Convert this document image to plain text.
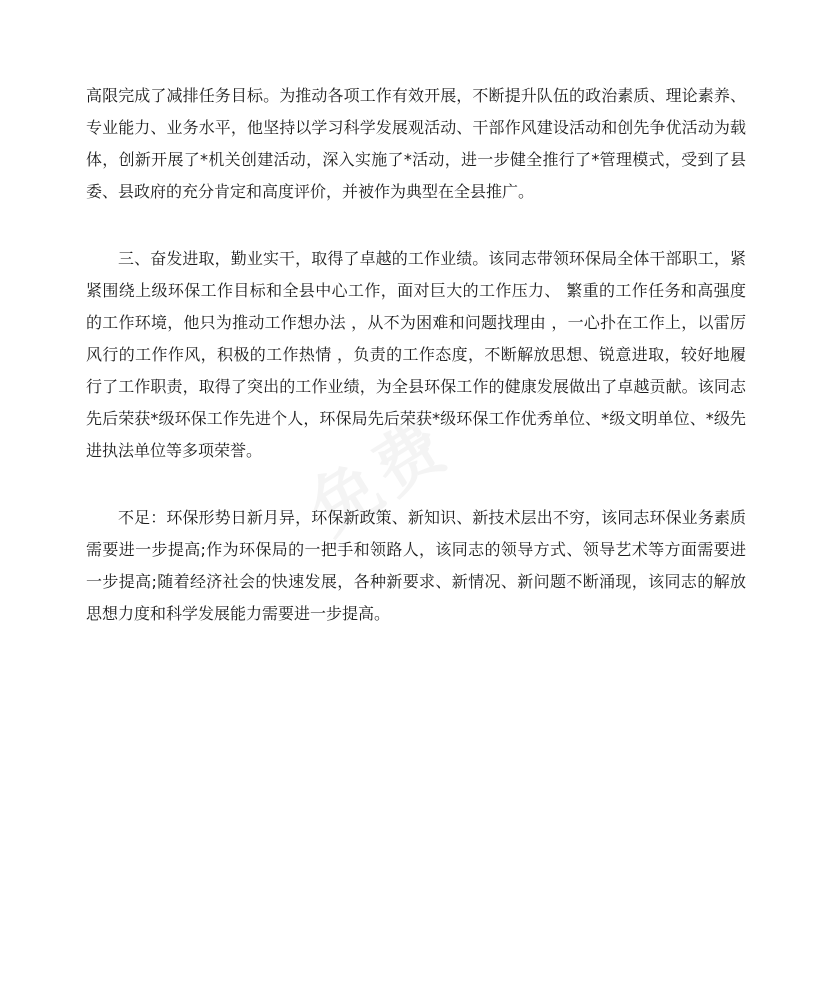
高限完成了减排任务目标。为推动各项工作有效开展，不断提升队伍的政治素质、理论素养、专业能力、业务水平，他坚持以学习科学发展观活动、干部作风建设活动和创先争优活动为载体，创新开展了*机关创建活动，深入实施了*活动，进一步健全推行了*管理模式，受到了县委、县政府的充分肯定和高度评价，并被作为典型在全县推广。

三、奋发进取，勤业实干，取得了卓越的工作业绩。该同志带领环保局全体干部职工，紧紧围绕上级环保工作目标和全县中心工作，面对巨大的工作压力、 繁重的工作任务和高强度的工作环境，他只为推动工作想办法 ，从不为困难和问题找理由 ，一心扑在工作上，以雷厉风行的工作作风，积极的工作热情 ，负责的工作态度，不断解放思想、锐意进取，较好地履行了工作职责，取得了突出的工作业绩，为全县环保工作的健康发展做出了卓越贡献。该同志先后荣获*级环保工作先进个人，环保局先后荣获*级环保工作优秀单位、*级文明单位、*级先进执法单位等多项荣誉。

不足：环保形势日新月异，环保新政策、新知识、新技术层出不穷，该同志环保业务素质需要进一步提高;作为环保局的一把手和领路人，该同志的领导方式、领导艺术等方面需要进一步提高;随着经济社会的快速发展，各种新要求、新情况、新问题不断涌现，该同志的解放思想力度和科学发展能力需要进一步提高。
